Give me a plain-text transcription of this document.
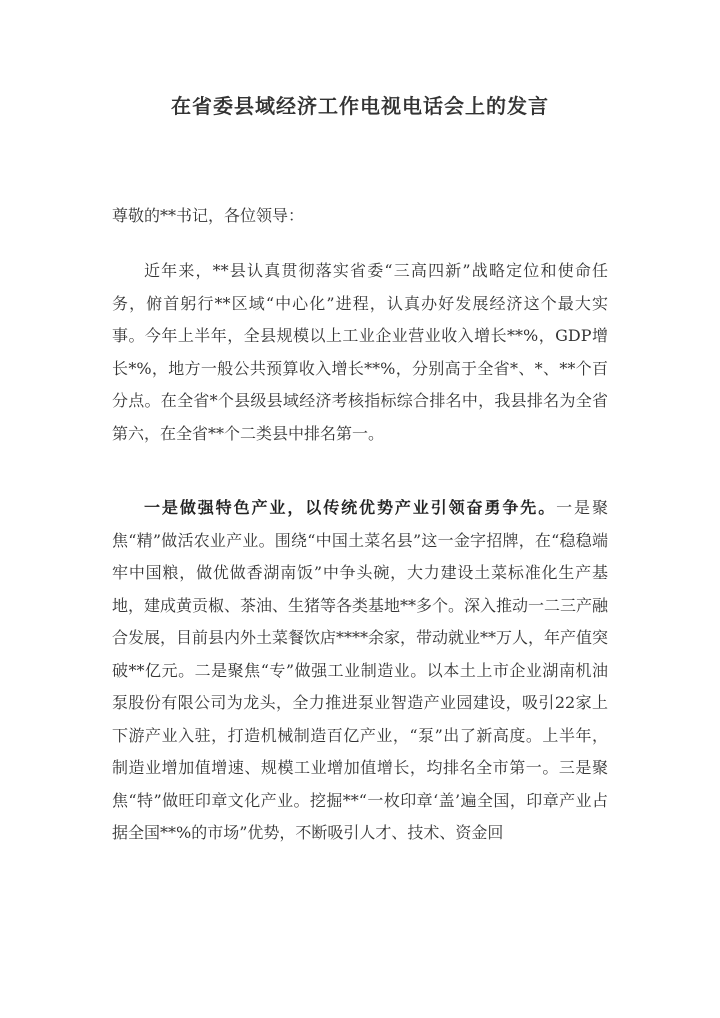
在省委县域经济工作电视电话会上的发言

尊敬的**书记，各位领导：

近年来，**县认真贯彻落实省委“三高四新”战略定位和使命任务，俯首躬行**区域“中心化”进程，认真办好发展经济这个最大实事。今年上半年，全县规模以上工业企业营业收入增长**%，GDP增长*%，地方一般公共预算收入增长**%，分别高于全省*、*、**个百分点。在全省*个县级县域经济考核指标综合排名中，我县排名为全省第六，在全省**个二类县中排名第一。

一是做强特色产业，以传统优势产业引领奋勇争先。一是聚焦“精”做活农业产业。围绕“中国土菜名县”这一金字招牌，在“稳稳端牢中国粮，做优做香湖南饭”中争头碗，大力建设土菜标准化生产基地，建成黄贡椒、茶油、生猪等各类基地**多个。深入推动一二三产融合发展，目前县内外土菜餐饮店****余家，带动就业**万人，年产值突破**亿元。二是聚焦“专”做强工业制造业。以本土上市企业湖南机油泵股份有限公司为龙头，全力推进泵业智造产业园建设，吸引22家上下游产业入驻，打造机械制造百亿产业，“泵”出了新高度。上半年，制造业增加值增速、规模工业增加值增长，均排名全市第一。三是聚焦“特”做旺印章文化产业。挖掘**“一枚印章‘盖’遍全国，印章产业占据全国**%的市场”优势，不断吸引人才、技术、资金回
